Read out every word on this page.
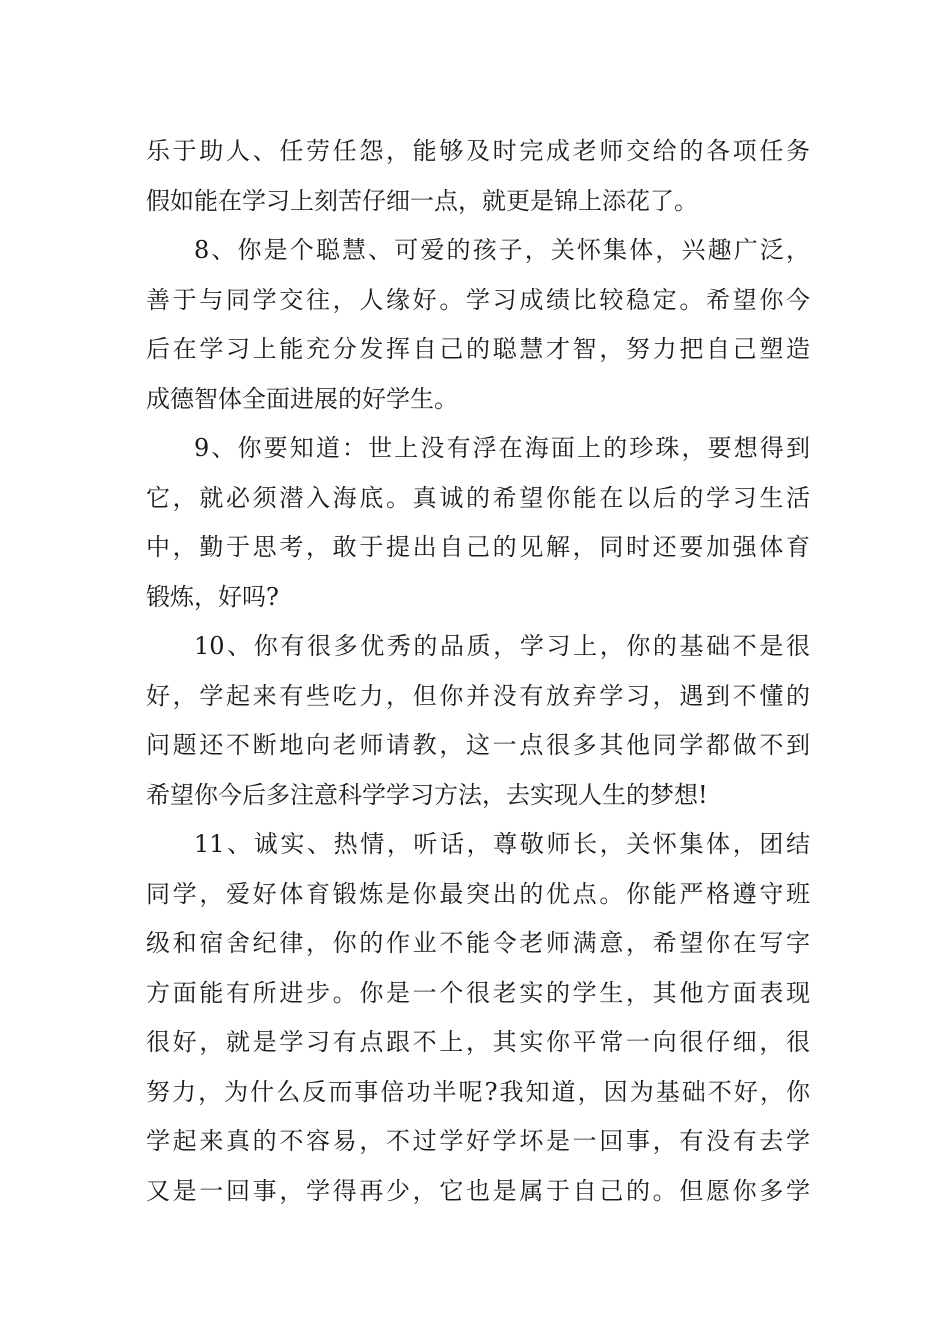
乐于助人、任劳任怨，能够及时完成老师交给的各项任务
假如能在学习上刻苦仔细一点，就更是锦上添花了。
8、你是个聪慧、可爱的孩子，关怀集体，兴趣广泛，
善于与同学交往，人缘好。学习成绩比较稳定。希望你今
后在学习上能充分发挥自己的聪慧才智，努力把自己塑造
成德智体全面进展的好学生。
9、你要知道：世上没有浮在海面上的珍珠，要想得到
它，就必须潜入海底。真诚的希望你能在以后的学习生活
中，勤于思考，敢于提出自己的见解，同时还要加强体育
锻炼，好吗?
10、你有很多优秀的品质，学习上，你的基础不是很
好，学起来有些吃力，但你并没有放弃学习，遇到不懂的
问题还不断地向老师请教，这一点很多其他同学都做不到
希望你今后多注意科学学习方法，去实现人生的梦想!
11、诚实、热情，听话，尊敬师长，关怀集体，团结
同学，爱好体育锻炼是你最突出的优点。你能严格遵守班
级和宿舍纪律，你的作业不能令老师满意，希望你在写字
方面能有所进步。你是一个很老实的学生，其他方面表现
很好，就是学习有点跟不上，其实你平常一向很仔细，很
努力，为什么反而事倍功半呢?我知道，因为基础不好，你
学起来真的不容易，不过学好学坏是一回事，有没有去学
又是一回事，学得再少，它也是属于自己的。但愿你多学
